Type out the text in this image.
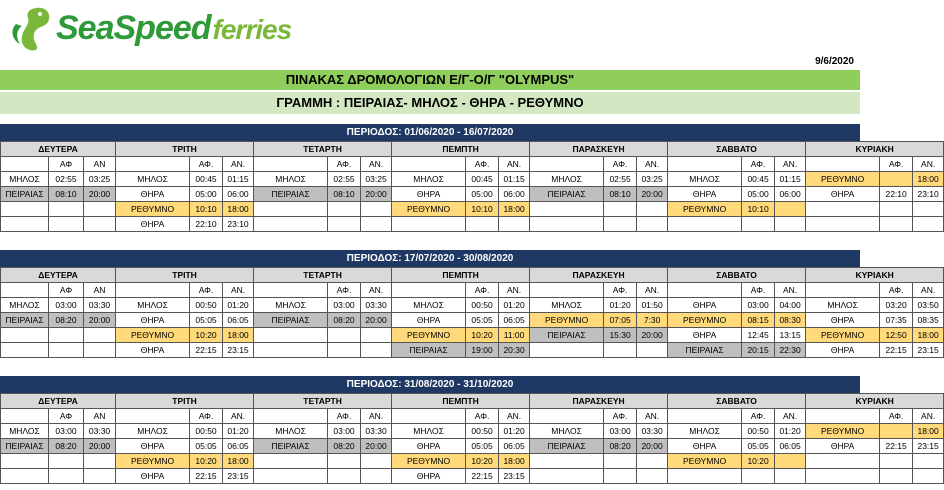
SeaSpeedferries
9/6/2020
ΠΙΝΑΚΑΣ ΔΡΟΜΟΛΟΓΙΩΝ Ε/Γ-Ο/Γ "OLYMPUS"
ΓΡΑΜΜΗ : ΠΕΙΡΑΙΑΣ- ΜΗΛΟΣ - ΘΗΡΑ - ΡΕΘΥΜΝΟ
ΠΕΡΙΟΔΟΣ: 01/06/2020 - 16/07/2020
ΔΕΥΤΕΡΑ			ΤΡΙΤΗ			ΤΕΤΑΡΤΗ			ΠΕΜΠΤΗ			ΠΑΡΑΣΚΕΥΗ			ΣΑΒΒΑΤΟ			ΚΥΡΙΑΚΗ		
	ΑΦ	ΑΝ		ΑΦ.	ΑΝ.		ΑΦ.	ΑΝ.		ΑΦ.	ΑΝ.		ΑΦ.	ΑΝ.		ΑΦ.	ΑΝ.		ΑΦ.	ΑΝ.
ΜΗΛΟΣ	02:55	03:25	ΜΗΛΟΣ	00:45	01:15	ΜΗΛΟΣ	02:55	03:25	ΜΗΛΟΣ	00:45	01:15	ΜΗΛΟΣ	02:55	03:25	ΜΗΛΟΣ	00:45	01:15	ΡΕΘΥΜΝΟ		18:00
ΠΕΙΡΑΙΑΣ	08:10	20:00	ΘΗΡΑ	05:00	06:00	ΠΕΙΡΑΙΑΣ	08:10	20:00	ΘΗΡΑ	05:00	06:00	ΠΕΙΡΑΙΑΣ	08:10	20:00	ΘΗΡΑ	05:00	06:00	ΘΗΡΑ	22:10	23:10
			ΡΕΘΥΜΝΟ	10:10	18:00				ΡΕΘΥΜΝΟ	10:10	18:00				ΡΕΘΥΜΝΟ	10:10				
			ΘΗΡΑ	22:10	23:10															
ΠΕΡΙΟΔΟΣ: 17/07/2020 - 30/08/2020
ΔΕΥΤΕΡΑ			ΤΡΙΤΗ			ΤΕΤΑΡΤΗ			ΠΕΜΠΤΗ			ΠΑΡΑΣΚΕΥΗ			ΣΑΒΒΑΤΟ			ΚΥΡΙΑΚΗ		
	ΑΦ	ΑΝ		ΑΦ.	ΑΝ.		ΑΦ.	ΑΝ.		ΑΦ.	ΑΝ.		ΑΦ.	ΑΝ.		ΑΦ.	ΑΝ.		ΑΦ.	ΑΝ.
ΜΗΛΟΣ	03:00	03:30	ΜΗΛΟΣ	00:50	01:20	ΜΗΛΟΣ	03:00	03:30	ΜΗΛΟΣ	00:50	01:20	ΜΗΛΟΣ	01:20	01:50	ΘΗΡΑ	03:00	04:00	ΜΗΛΟΣ	03:20	03:50
ΠΕΙΡΑΙΑΣ	08:20	20:00	ΘΗΡΑ	05:05	06:05	ΠΕΙΡΑΙΑΣ	08:20	20:00	ΘΗΡΑ	05:05	06:05	ΡΕΘΥΜΝΟ	07:05	7:30	ΡΕΘΥΜΝΟ	08:15	08:30	ΘΗΡΑ	07:35	08:35
			ΡΕΘΥΜΝΟ	10:20	18:00				ΡΕΘΥΜΝΟ	10:20	11:00	ΠΕΙΡΑΙΑΣ	15:30	20:00	ΘΗΡΑ	12:45	13:15	ΡΕΘΥΜΝΟ	12:50	18:00
			ΘΗΡΑ	22:15	23:15				ΠΕΙΡΑΙΑΣ	19:00	20:30				ΠΕΙΡΑΙΑΣ	20:15	22:30	ΘΗΡΑ	22:15	23:15
ΠΕΡΙΟΔΟΣ: 31/08/2020 - 31/10/2020
ΔΕΥΤΕΡΑ			ΤΡΙΤΗ			ΤΕΤΑΡΤΗ			ΠΕΜΠΤΗ			ΠΑΡΑΣΚΕΥΗ			ΣΑΒΒΑΤΟ			ΚΥΡΙΑΚΗ		
	ΑΦ	ΑΝ		ΑΦ.	ΑΝ.		ΑΦ.	ΑΝ.		ΑΦ.	ΑΝ.		ΑΦ.	ΑΝ.		ΑΦ.	ΑΝ.		ΑΦ.	ΑΝ.
ΜΗΛΟΣ	03:00	03:30	ΜΗΛΟΣ	00:50	01:20	ΜΗΛΟΣ	03:00	03:30	ΜΗΛΟΣ	00:50	01:20	ΜΗΛΟΣ	03:00	03:30	ΜΗΛΟΣ	00:50	01:20	ΡΕΘΥΜΝΟ		18:00
ΠΕΙΡΑΙΑΣ	08:20	20:00	ΘΗΡΑ	05:05	06:05	ΠΕΙΡΑΙΑΣ	08:20	20:00	ΘΗΡΑ	05:05	06:05	ΠΕΙΡΑΙΑΣ	08:20	20:00	ΘΗΡΑ	05:05	06:05	ΘΗΡΑ	22:15	23:15
			ΡΕΘΥΜΝΟ	10:20	18:00				ΡΕΘΥΜΝΟ	10:20	18:00				ΡΕΘΥΜΝΟ	10:20				
			ΘΗΡΑ	22:15	23:15				ΘΗΡΑ	22:15	23:15									
